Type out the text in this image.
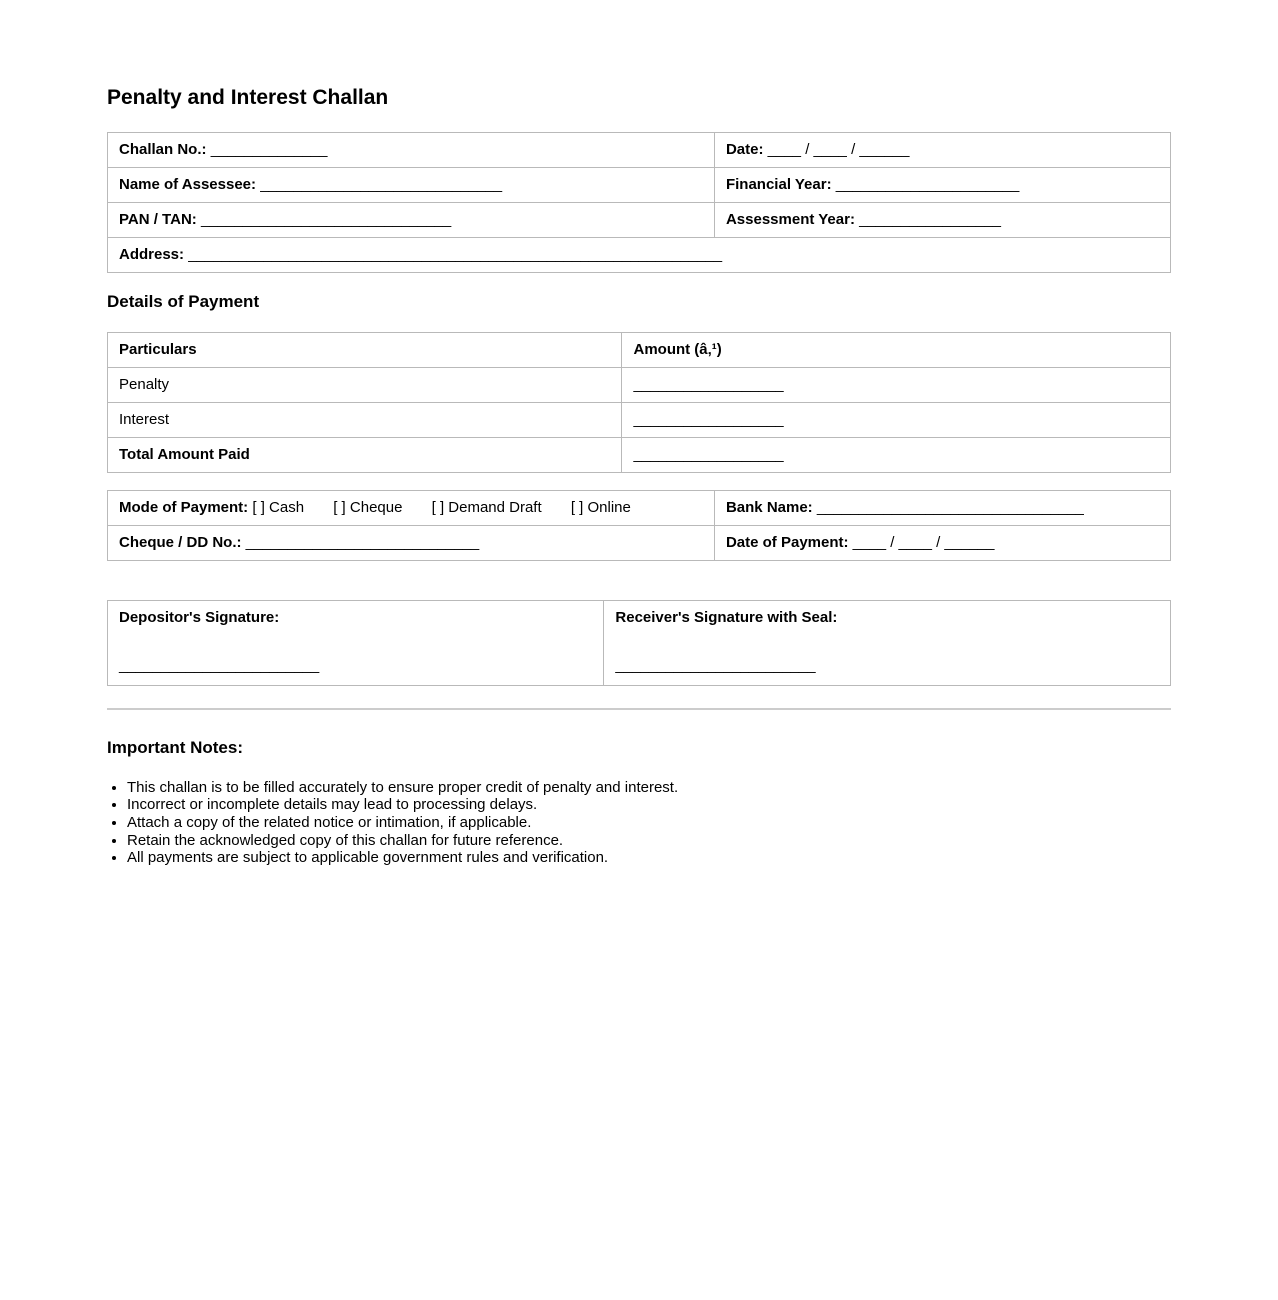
Penalty and Interest Challan
Challan No.: ______________	Date: ____ / ____ / ______
Name of Assessee: _____________________________	Financial Year: ______________________
PAN / TAN: ______________________________	Assessment Year: _________________
Address: ________________________________________________________________	
Details of Payment
Particulars	Amount (â‚¹)
Penalty	__________________
Interest	__________________
Total Amount Paid	__________________
Mode of Payment: [ ] Cash       [ ] Cheque       [ ] Demand Draft       [ ] Online	Bank Name: ________________________________
Cheque / DD No.: ____________________________	Date of Payment: ____ / ____ / ______
Depositor's Signature:
________________________

Receiver's Signature with Seal:
________________________
Important Notes:
• This challan is to be filled accurately to ensure proper credit of penalty and interest.
• Incorrect or incomplete details may lead to processing delays.
• Attach a copy of the related notice or intimation, if applicable.
• Retain the acknowledged copy of this challan for future reference.
• All payments are subject to applicable government rules and verification.
